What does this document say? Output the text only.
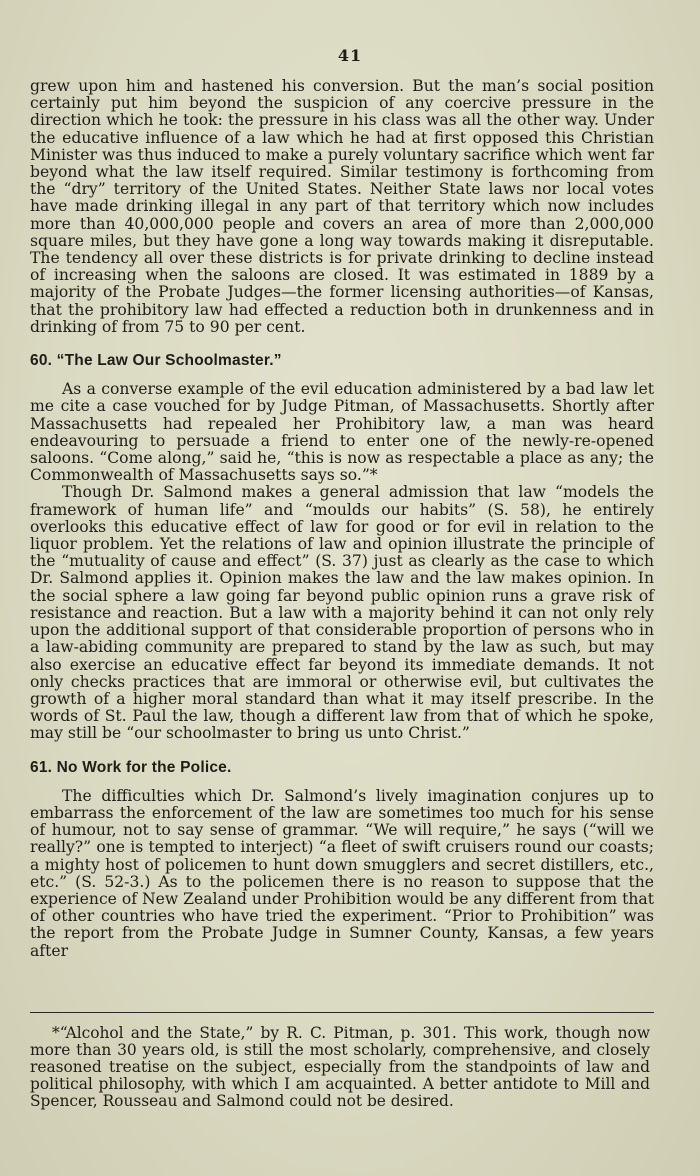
41

grew upon him and hastened his conversion. But the man’s social position certainly put him beyond the suspicion of any coercive pressure in the direction which he took: the pressure in his class was all the other way. Under the educative influence of a law which he had at first opposed this Christian Minister was thus induced to make a purely voluntary sacrifice which went far beyond what the law itself required. Similar testimony is forthcoming from the “dry” territory of the United States. Neither State laws nor local votes have made drinking illegal in any part of that territory which now includes more than 40,000,000 people and covers an area of more than 2,000,000 square miles, but they have gone a long way towards making it disreputable. The tendency all over these districts is for private drinking to decline instead of increasing when the saloons are closed. It was estimated in 1889 by a majority of the Probate Judges—the former licensing authorities—of Kansas, that the prohibitory law had effected a reduction both in drunkenness and in drinking of from 75 to 90 per cent.

60. “The Law Our Schoolmaster.”

As a converse example of the evil education administered by a bad law let me cite a case vouched for by Judge Pitman, of Massachusetts. Shortly after Massachusetts had repealed her Prohibitory law, a man was heard endeavouring to persuade a friend to enter one of the newly-re-opened saloons. “Come along,” said he, “this is now as respectable a place as any; the Commonwealth of Massachusetts says so.”*

Though Dr. Salmond makes a general admission that law “models the framework of human life” and “moulds our habits” (S. 58), he entirely overlooks this educative effect of law for good or for evil in relation to the liquor problem. Yet the relations of law and opinion illustrate the principle of the “mutuality of cause and effect” (S. 37) just as clearly as the case to which Dr. Salmond applies it. Opinion makes the law and the law makes opinion. In the social sphere a law going far beyond public opinion runs a grave risk of resistance and reaction. But a law with a majority behind it can not only rely upon the additional support of that considerable proportion of persons who in a law-abiding community are prepared to stand by the law as such, but may also exercise an educative effect far beyond its immediate demands. It not only checks practices that are immoral or otherwise evil, but cultivates the growth of a higher moral standard than what it may itself prescribe. In the words of St. Paul the law, though a different law from that of which he spoke, may still be “our schoolmaster to bring us unto Christ.”

61. No Work for the Police.

The difficulties which Dr. Salmond’s lively imagination conjures up to embarrass the enforcement of the law are sometimes too much for his sense of humour, not to say sense of grammar. “We will require,” he says (“will we really?” one is tempted to interject) “a fleet of swift cruisers round our coasts; a mighty host of policemen to hunt down smugglers and secret distillers, etc., etc.” (S. 52-3.) As to the policemen there is no reason to suppose that the experience of New Zealand under Prohibition would be any different from that of other countries who have tried the experiment. “Prior to Prohibition” was the report from the Probate Judge in Sumner County, Kansas, a few years after

*“Alcohol and the State,” by R. C. Pitman, p. 301. This work, though now more than 30 years old, is still the most scholarly, comprehensive, and closely reasoned treatise on the subject, especially from the standpoints of law and political philosophy, with which I am acquainted. A better antidote to Mill and Spencer, Rousseau and Salmond could not be desired.
